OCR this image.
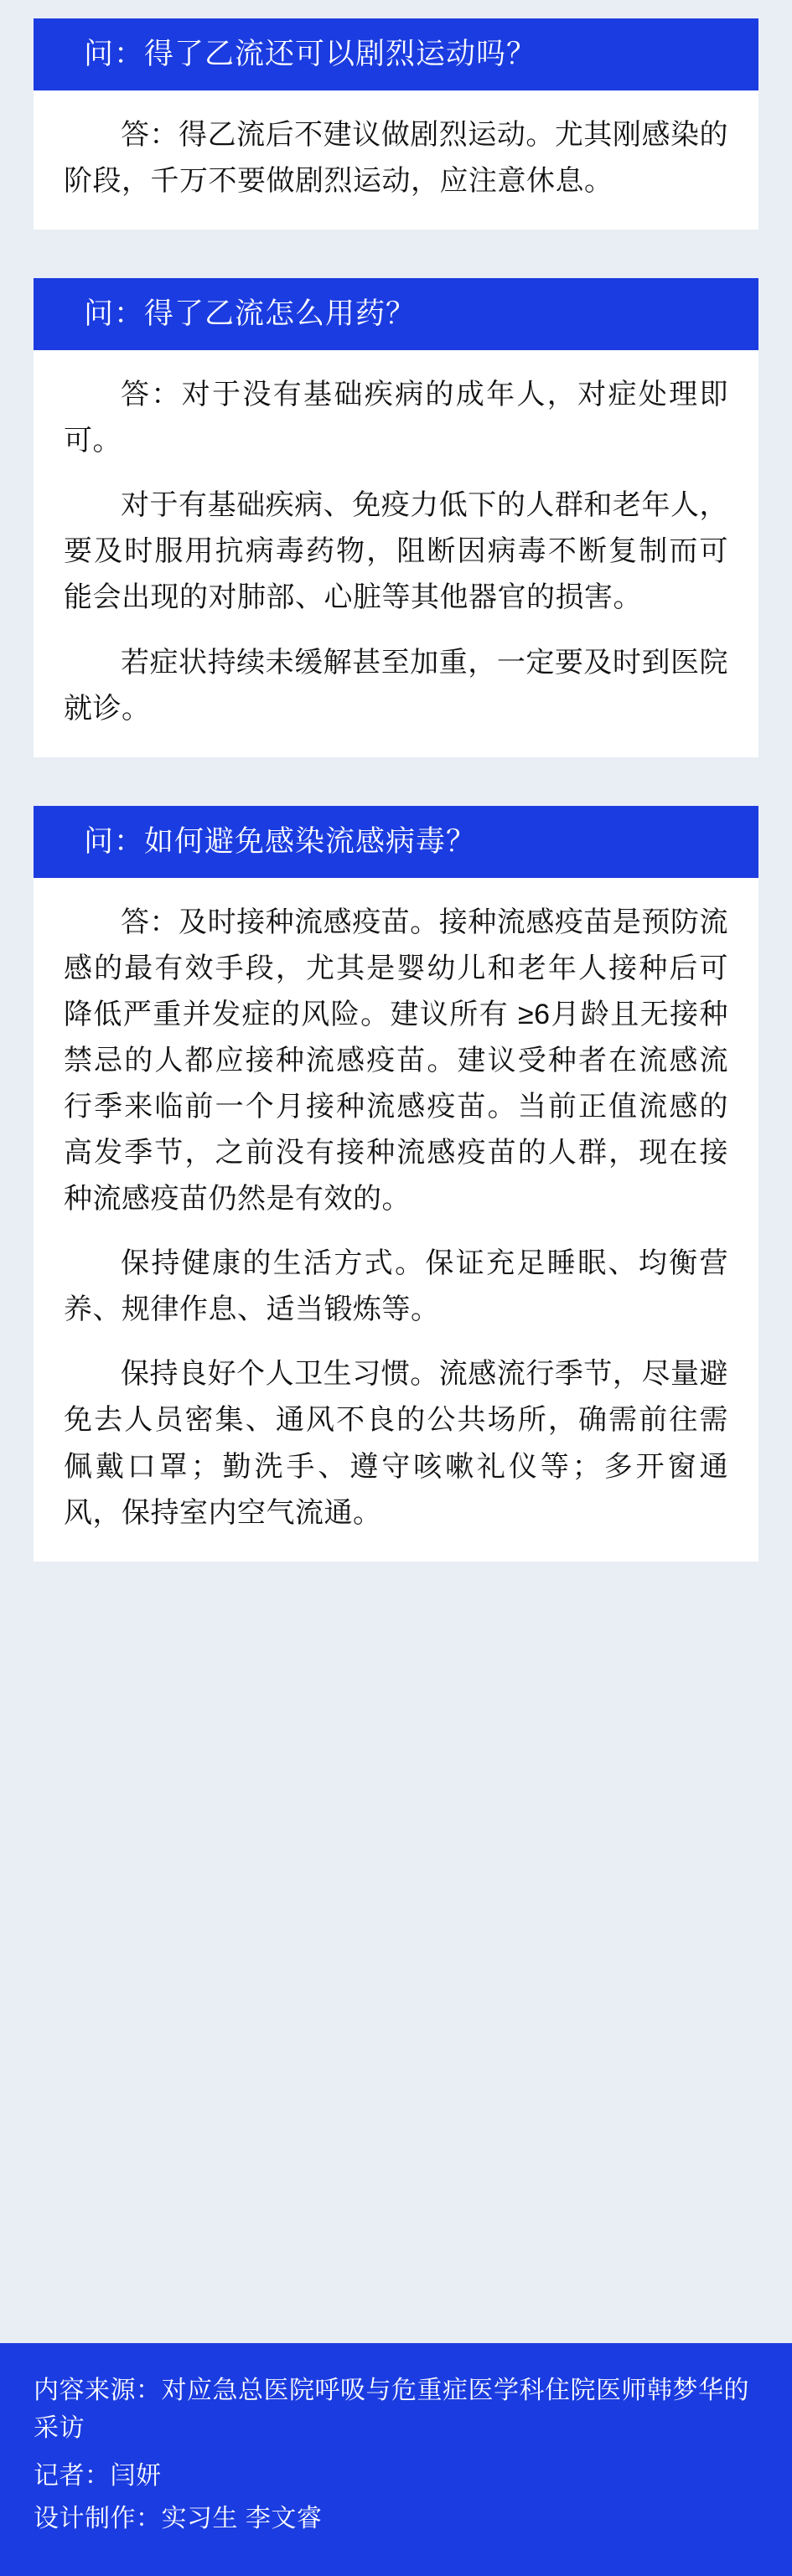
问：得了乙流还可以剧烈运动吗？

答：得乙流后不建议做剧烈运动。尤其刚感染的阶段，千万不要做剧烈运动，应注意休息。

问：得了乙流怎么用药？

答：对于没有基础疾病的成年人，对症处理即可。

对于有基础疾病、免疫力低下的人群和老年人，要及时服用抗病毒药物，阻断因病毒不断复制而可能会出现的对肺部、心脏等其他器官的损害。

若症状持续未缓解甚至加重，一定要及时到医院就诊。

问：如何避免感染流感病毒？

答：及时接种流感疫苗。接种流感疫苗是预防流感的最有效手段，尤其是婴幼儿和老年人接种后可降低严重并发症的风险。建议所有 ≥6月龄且无接种禁忌的人都应接种流感疫苗。建议受种者在流感流行季来临前一个月接种流感疫苗。当前正值流感的高发季节，之前没有接种流感疫苗的人群，现在接种流感疫苗仍然是有效的。

保持健康的生活方式。保证充足睡眠、均衡营养、规律作息、适当锻炼等。

保持良好个人卫生习惯。流感流行季节，尽量避免去人员密集、通风不良的公共场所，确需前往需佩戴口罩；勤洗手、遵守咳嗽礼仪等；多开窗通风，保持室内空气流通。

内容来源：对应急总医院呼吸与危重症医学科住院医师韩梦华的采访
记者：闫妍
设计制作：实习生 李文睿
